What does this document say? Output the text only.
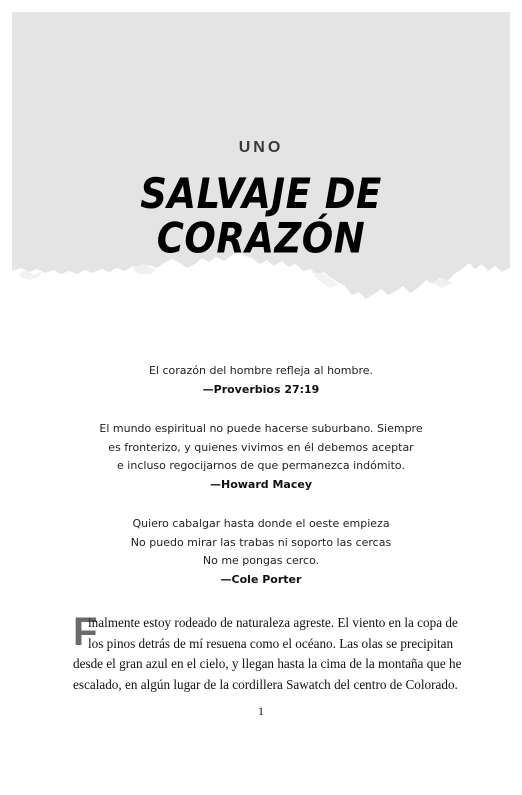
UNO
SALVAJE DE
CORAZÓN
El corazón del hombre refleja al hombre.
—Proverbios 27:19
El mundo espiritual no puede hacerse suburbano. Siempre
es fronterizo, y quienes vivimos en él debemos aceptar
e incluso regocijarnos de que permanezca indómito.
—Howard Macey
Quiero cabalgar hasta donde el oeste empieza
No puedo mirar las trabas ni soporto las cercas
No me pongas cerco.
—Cole Porter
F
inalmente estoy rodeado de naturaleza agreste. El viento en la copa de
los pinos detrás de mí resuena como el océano. Las olas se precipitan
desde el gran azul en el cielo, y llegan hasta la cima de la montaña que he
escalado, en algún lugar de la cordillera Sawatch del centro de Colorado.
1
